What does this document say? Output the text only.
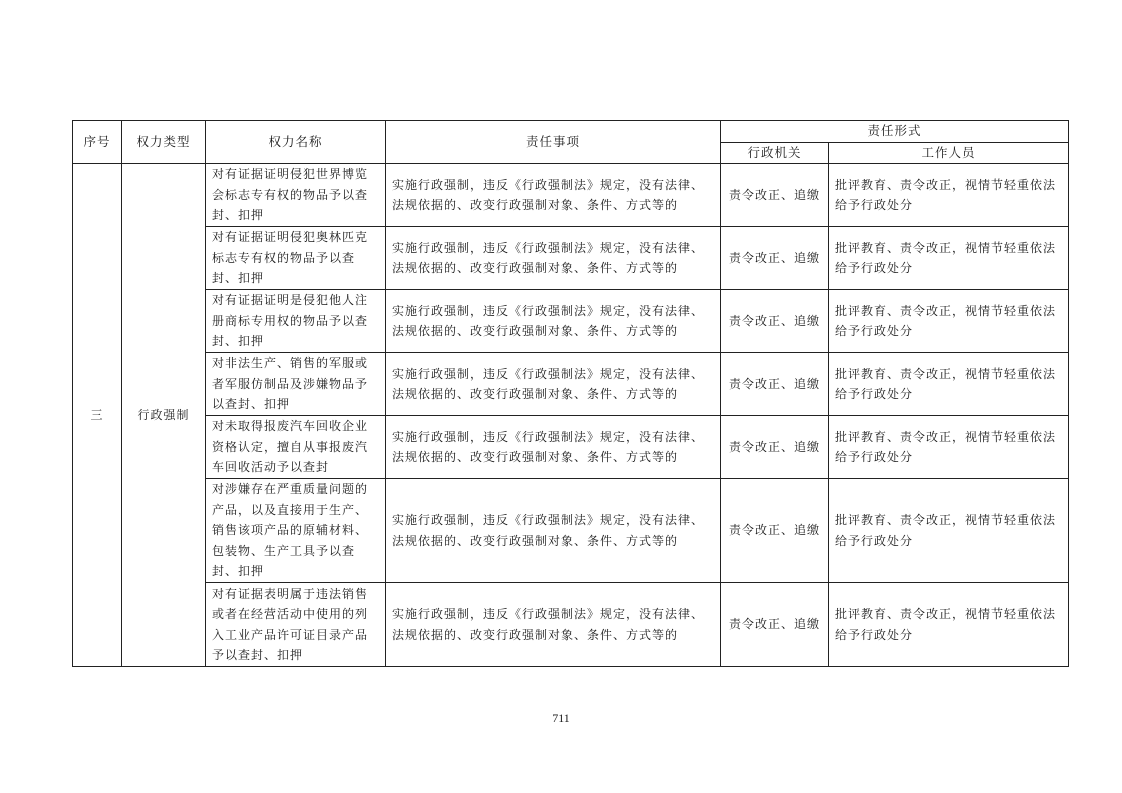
序号	权力类型	权力名称	责任事项	责任形式	
				行政机关	工作人员
三	行政强制	对有证据证明侵犯世界博览会标志专有权的物品予以查封、扣押	实施行政强制，违反《行政强制法》规定，没有法律、法规依据的、改变行政强制对象、条件、方式等的	责令改正、追缴	批评教育、责令改正，视情节轻重依法给予行政处分
		对有证据证明侵犯奥林匹克标志专有权的物品予以查封、扣押	实施行政强制，违反《行政强制法》规定，没有法律、法规依据的、改变行政强制对象、条件、方式等的	责令改正、追缴	批评教育、责令改正，视情节轻重依法给予行政处分
		对有证据证明是侵犯他人注册商标专用权的物品予以查封、扣押	实施行政强制，违反《行政强制法》规定，没有法律、法规依据的、改变行政强制对象、条件、方式等的	责令改正、追缴	批评教育、责令改正，视情节轻重依法给予行政处分
		对非法生产、销售的军服或者军服仿制品及涉嫌物品予以查封、扣押	实施行政强制，违反《行政强制法》规定，没有法律、法规依据的、改变行政强制对象、条件、方式等的	责令改正、追缴	批评教育、责令改正，视情节轻重依法给予行政处分
		对未取得报废汽车回收企业资格认定，擅自从事报废汽车回收活动予以查封	实施行政强制，违反《行政强制法》规定，没有法律、法规依据的、改变行政强制对象、条件、方式等的	责令改正、追缴	批评教育、责令改正，视情节轻重依法给予行政处分
		对涉嫌存在严重质量问题的产品，以及直接用于生产、销售该项产品的原辅材料、包装物、生产工具予以查封、扣押	实施行政强制，违反《行政强制法》规定，没有法律、法规依据的、改变行政强制对象、条件、方式等的	责令改正、追缴	批评教育、责令改正，视情节轻重依法给予行政处分
		对有证据表明属于违法销售或者在经营活动中使用的列入工业产品许可证目录产品予以查封、扣押	实施行政强制，违反《行政强制法》规定，没有法律、法规依据的、改变行政强制对象、条件、方式等的	责令改正、追缴	批评教育、责令改正，视情节轻重依法给予行政处分
711
